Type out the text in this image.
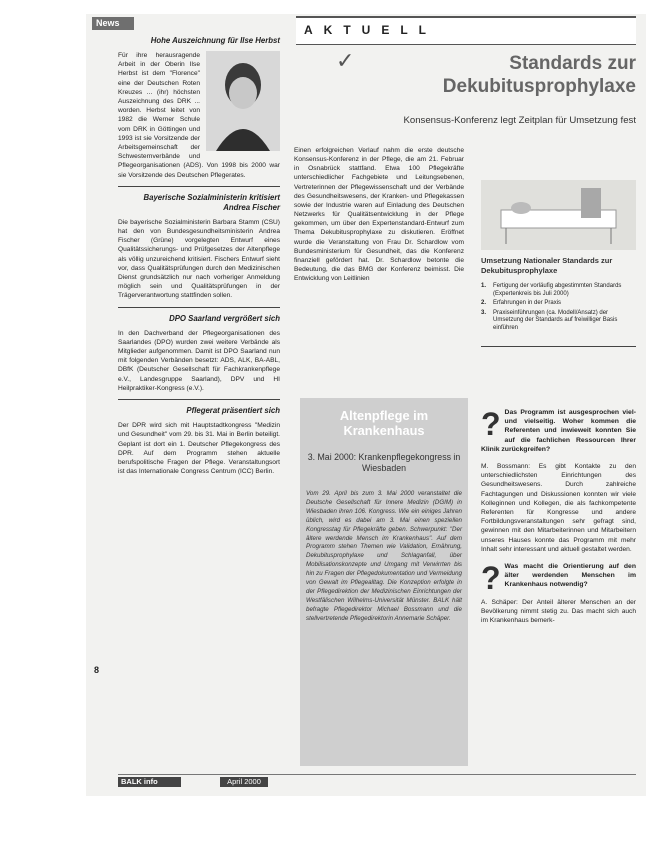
News
Hohe Auszeichnung für Ilse Herbst

Für ihre herausragende Arbeit in der Oberin Ilse Herbst ist dem "Florence" eine der Deutschen Roten Kreuzes ... (ihr) höchsten Auszeichnung des DRK ... worden. Herbst leitet von 1982 die Werner Schule vom DRK in Göttingen und 1993 ist sie Vorsitzende der Arbeitsgemeinschaft der Schwesternverbände und Pflegeorganisationen (ADS). Von 1998 bis 2000 war sie Vorsitzende des Deutschen Pflegerates.

Bayerische Sozialministerin kritisiert Andrea Fischer

Die bayerische Sozialministerin Barbara Stamm (CSU) hat den von Bundesgesundheitsministerin Andrea Fischer (Grüne) vorgelegten Entwurf eines Qualitätssicherungs- und Prüfgesetzes der Altenpflege als völlig unzureichend kritisiert. Fischers Entwurf sieht vor, dass Qualitätsprüfungen durch den Medizinischen Dienst grundsätzlich nur nach vorheriger Anmeldung möglich sein und Qualitätsprüfungen in der Trägerverantwortung stattfinden sollen.

DPO Saarland vergrößert sich

In den Dachverband der Pflegeorganisationen des Saarlandes (DPO) wurden zwei weitere Verbände als Mitglieder aufgenommen. Damit ist DPO Saarland nun mit folgenden Verbänden besetzt: ADS, ALK, BA-ABL, DBfK (Deutscher Gesellschaft für Fachkrankenpflege e.V., Landesgruppe Saarland), DPV und HI Heilpraktiker-Kongress (e.V.).

Pflegerat präsentiert sich

Der DPR wird sich mit Hauptstadtkongress "Medizin und Gesundheit" vom 29. bis 31. Mai in Berlin beteiligt. Geplant ist dort ein 1. Deutscher Pflegekongress des DPR. Auf dem Programm stehen aktuelle berufspolitische Fragen der Pflege. Veranstaltungsort ist das Internationale Congress Centrum (ICC) Berlin.

8
AKTUELL
✓	Standards zur Dekubitusprophylaxe
Konsensus-Konferenz legt Zeitplan für Umsetzung fest

Einen erfolgreichen Verlauf nahm die erste deutsche Konsensus-Konferenz in der Pflege, die am 21. Februar in Osnabrück stattfand. Etwa 100 Pflegekräfte unterschiedlicher Fachgebiete und Leitungsebenen, Vertreterinnen der Pflegewissenschaft und der Verbände des Gesundheitswesens, der Kranken- und Pflegekassen sowie der Industrie waren auf Einladung des Deutschen Netzwerks für Qualitätsentwicklung in der Pflege gekommen, um über den Expertenstandard-Entwurf zum Thema Dekubitusprophylaxe zu diskutieren. Eröffnet wurde die Veranstaltung von Frau Dr. Schardlow vom Bundesministerium für Gesundheit, das die Konferenz finanziell gefördert hat. Dr. Schardlow betonte die Bedeutung, die das BMG der Konferenz beimisst. Die Entwicklung von Leitlinien

Umsetzung Nationaler Standards zur Dekubitusprophylaxe
1. Fertigung der vorläufig abgestimmten Standards (Expertenkreis bis Juli 2000)
2. Erfahrungen in der Praxis
3. Praxiseinführungen (ca. Modell/Ansatz) der Umsetzung der Standards auf freiwilliger Basis einführen
Altenpflege im Krankenhaus
3. Mai 2000: Krankenpflegekongress in Wiesbaden

Vom 29. April bis zum 3. Mai 2000 veranstaltet die Deutsche Gesellschaft für Innere Medizin (DGIM) in Wiesbaden ihren 106. Kongress. Wie ein einiges Jahren üblich, wird es dabei am 3. Mai einen speziellen Kongresstag für Pflegekräfte geben. Schwerpunkt: "Der ältere werdende Mensch im Krankenhaus". Auf dem Programm stehen Themen wie Validation, Ernährung, Dekubitusprophylaxe und Schlaganfall, über Mobilisationskonzepte und Umgang mit Verwirrten bis hin zu Fragen der Pflegedokumentation und Vermeidung von Gewalt im Pflegealltag. Die Konzeption erfolgte in der Pflegedirektion der Medizinischen Einrichtungen der Westfälischen Wilhelms-Universität Münster. BALK hält befragte Pflegedirektor Michael Bossmann und die stellvertretende Pflegedirektorin Annemarie Schäper.

? Das Programm ist ausgesprochen viel- und vielseitig. Woher kommen die Referenten und inwieweit konnten Sie auf die fachlichen Ressourcen Ihrer Klinik zurückgreifen?

M. Bossmann: Es gibt Kontakte zu den unterschiedlichsten Einrichtungen des Gesundheitswesens. Durch zahlreiche Fachtagungen und Diskussionen konnten wir viele Kolleginnen und Kollegen, die als fachkompetente Referenten für Kongresse und andere Fortbildungsveranstaltungen sehr gefragt sind, gewinnen mit den Mitarbeiterinnen und Mitarbeitern unseres Hauses konnte das Programm mit mehr Inhalt sehr interessant und aktuell gestaltet werden.

? Was macht die Orientierung auf den älter werdenden Menschen im Krankenhaus notwendig?

A. Schäper: Der Anteil älterer Menschen an der Bevölkerung nimmt stetig zu. Das macht sich auch im Krankenhaus bemerk-

BALK info	April 2000
